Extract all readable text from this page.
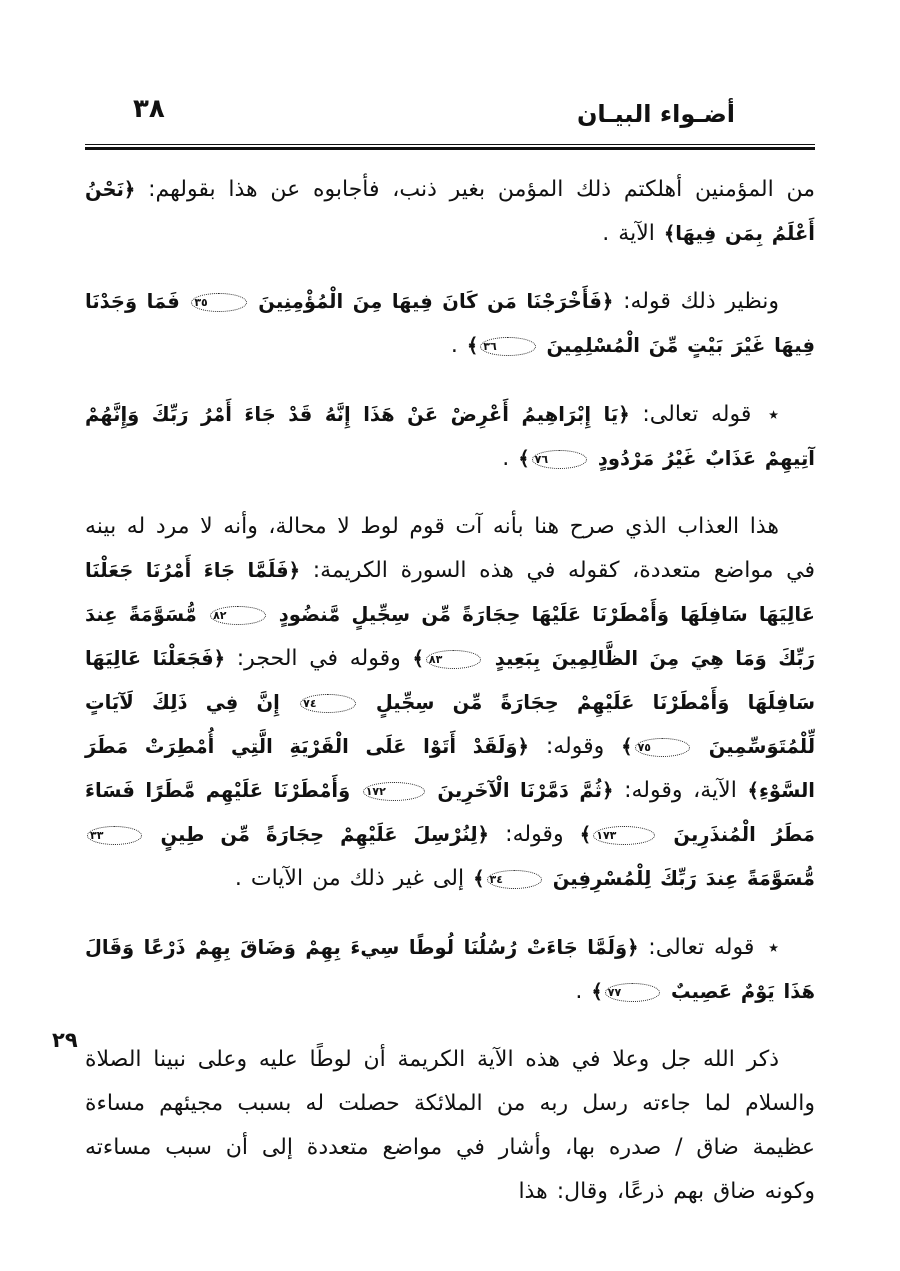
٣٨	أضـواء البيـان

من المؤمنين أهلكتم ذلك المؤمن بغير ذنب، فأجابوه عن هذا بقولهم: ﴿نَحْنُ أَعْلَمُ بِمَن فِيهَا﴾ الآية .

ونظير ذلك قوله: ﴿فَأَخْرَجْنَا مَن كَانَ فِيهَا مِنَ الْمُؤْمِنِينَ ٣٥ فَمَا وَجَدْنَا فِيهَا غَيْرَ بَيْتٍ مِّنَ الْمُسْلِمِينَ ٣٦﴾ .

٭ قوله تعالى: ﴿يَا إِبْرَاهِيمُ أَعْرِضْ عَنْ هَذَا إِنَّهُ قَدْ جَاءَ أَمْرُ رَبِّكَ وَإِنَّهُمْ آتِيهِمْ عَذَابٌ غَيْرُ مَرْدُودٍ ٧٦﴾ .

هذا العذاب الذي صرح هنا بأنه آت قوم لوط لا محالة، وأنه لا مرد له بينه في مواضع متعددة، كقوله في هذه السورة الكريمة: ﴿فَلَمَّا جَاءَ أَمْرُنَا جَعَلْنَا عَالِيَهَا سَافِلَهَا وَأَمْطَرْنَا عَلَيْهَا حِجَارَةً مِّن سِجِّيلٍ مَّنضُودٍ ٨٢ مُّسَوَّمَةً عِندَ رَبِّكَ وَمَا هِيَ مِنَ الظَّالِمِينَ بِبَعِيدٍ ٨٣﴾ وقوله في الحجر: ﴿فَجَعَلْنَا عَالِيَهَا سَافِلَهَا وَأَمْطَرْنَا عَلَيْهِمْ حِجَارَةً مِّن سِجِّيلٍ ٧٤ إِنَّ فِي ذَلِكَ لَآيَاتٍ لِّلْمُتَوَسِّمِينَ ٧٥﴾ وقوله: ﴿وَلَقَدْ أَتَوْا عَلَى الْقَرْيَةِ الَّتِي أُمْطِرَتْ مَطَرَ السَّوْءِ﴾ الآية، وقوله: ﴿ثُمَّ دَمَّرْنَا الْآخَرِينَ ١٧٢ وَأَمْطَرْنَا عَلَيْهِم مَّطَرًا فَسَاءَ مَطَرُ الْمُنذَرِينَ ١٧٣﴾ وقوله: ﴿لِنُرْسِلَ عَلَيْهِمْ حِجَارَةً مِّن طِينٍ ٣٣ مُّسَوَّمَةً عِندَ رَبِّكَ لِلْمُسْرِفِينَ ٣٤﴾ إلى غير ذلك من الآيات .

٭ قوله تعالى: ﴿وَلَمَّا جَاءَتْ رُسُلُنَا لُوطًا سِيءَ بِهِمْ وَضَاقَ بِهِمْ ذَرْعًا وَقَالَ هَذَا يَوْمٌ عَصِيبٌ ٧٧﴾ .

ذكر الله جل وعلا في هذه الآية الكريمة أن لوطًا عليه وعلى نبينا الصلاة والسلام لما جاءته رسل ربه من الملائكة حصلت له بسبب مجيئهم مساءة عظيمة ضاق / صدره بها، وأشار في مواضع متعددة إلى أن سبب مساءته وكونه ضاق بهم ذرعًا، وقال: هذا

٢٩
